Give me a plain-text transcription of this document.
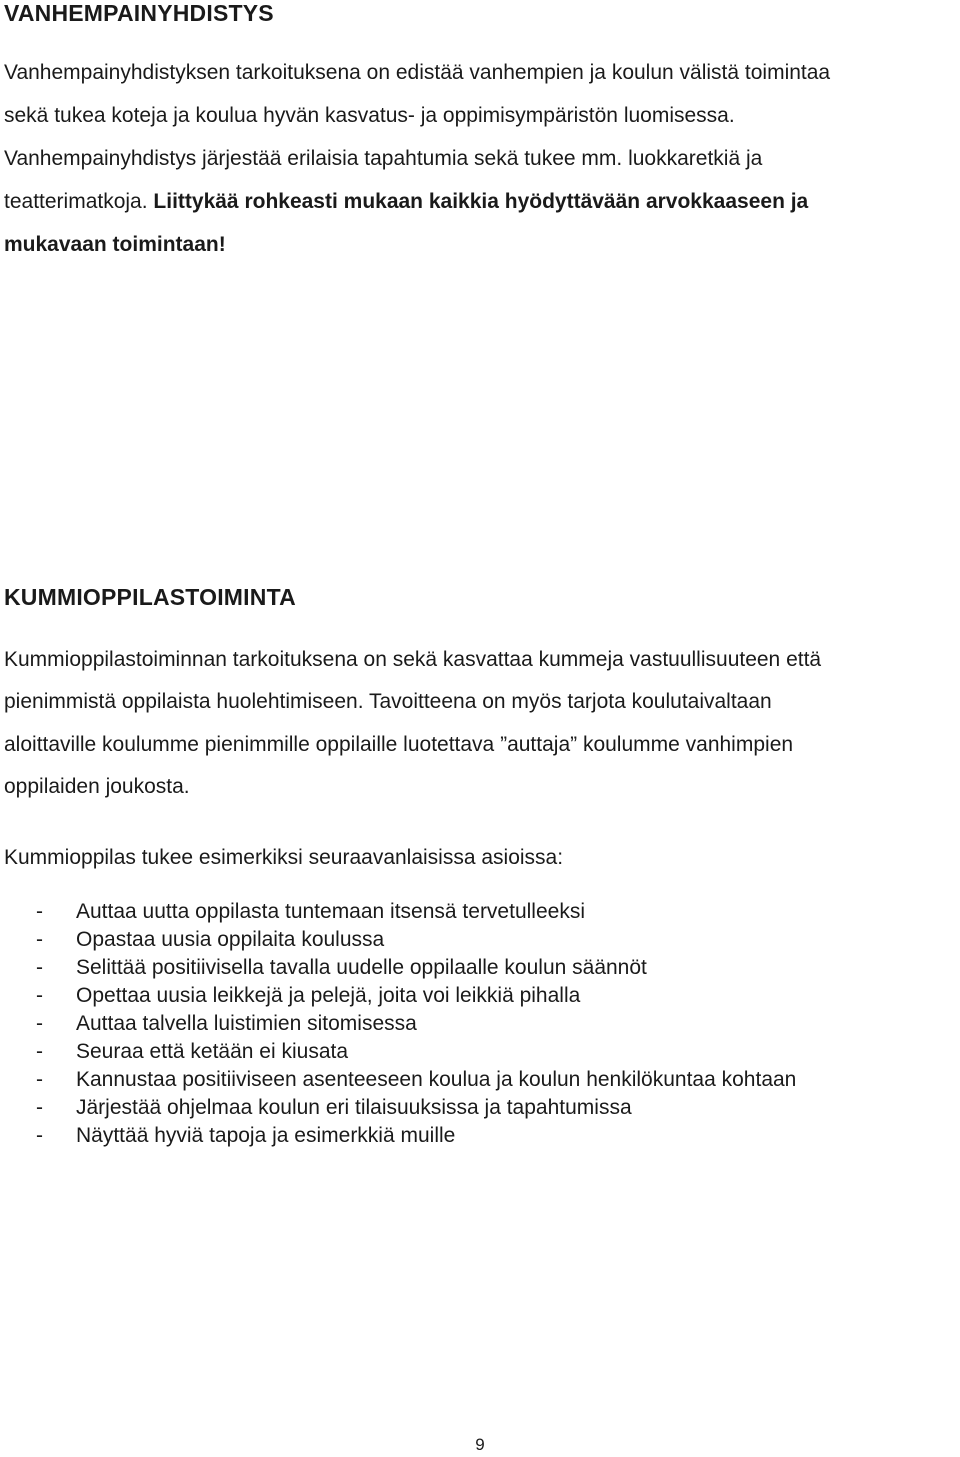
VANHEMPAINYHDISTYS

Vanhempainyhdistyksen tarkoituksena on edistää vanhempien ja koulun välistä toimintaa
sekä tukea koteja ja koulua hyvän kasvatus- ja oppimisympäristön luomisessa.
Vanhempainyhdistys järjestää erilaisia tapahtumia sekä tukee mm. luokkaretkiä ja
teatterimatkoja. Liittykää rohkeasti mukaan kaikkia hyödyttävään arvokkaaseen ja
mukavaan toimintaan!

KUMMIOPPILASTOIMINTA

Kummioppilastoiminnan tarkoituksena on sekä kasvattaa kummeja vastuullisuuteen että
pienimmistä oppilaista huolehtimiseen. Tavoitteena on myös tarjota koulutaivaltaan
aloittaville koulumme pienimmille oppilaille luotettava ”auttaja” koulumme vanhimpien
oppilaiden joukosta.

Kummioppilas tukee esimerkiksi seuraavanlaisissa asioissa:

- Auttaa uutta oppilasta tuntemaan itsensä tervetulleeksi
- Opastaa uusia oppilaita koulussa
- Selittää positiivisella tavalla uudelle oppilaalle koulun säännöt
- Opettaa uusia leikkejä ja pelejä, joita voi leikkiä pihalla
- Auttaa talvella luistimien sitomisessa
- Seuraa että ketään ei kiusata
- Kannustaa positiiviseen asenteeseen koulua ja koulun henkilökuntaa kohtaan
- Järjestää ohjelmaa koulun eri tilaisuuksissa ja tapahtumissa
- Näyttää hyviä tapoja ja esimerkkiä muille
9
